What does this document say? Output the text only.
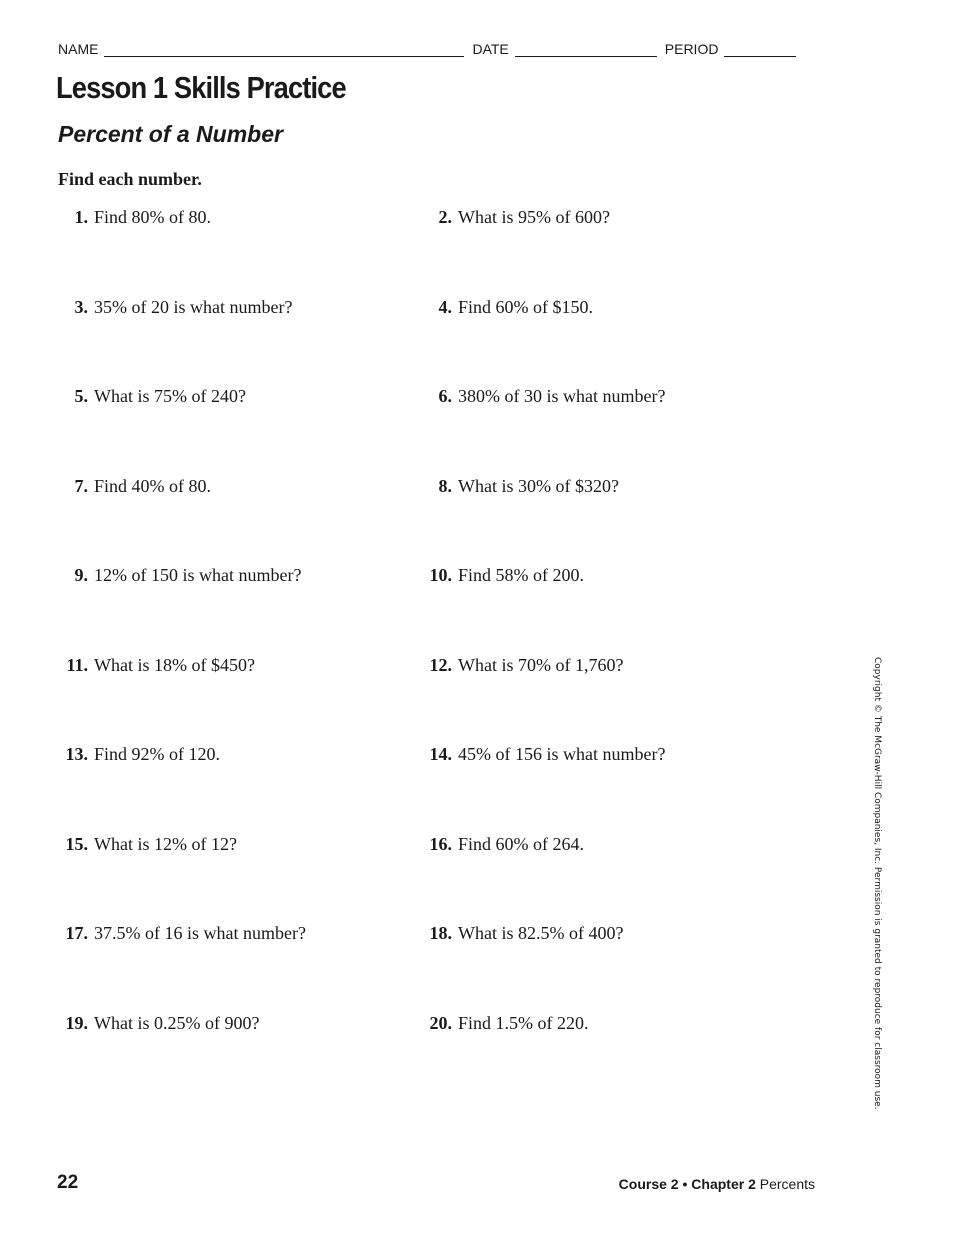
NAME	DATE	PERIOD
Lesson 1 Skills Practice
Percent of a Number
Find each number.
1. Find 80% of 80.	2. What is 95% of 600?
3. 35% of 20 is what number?	4. Find 60% of $150.
5. What is 75% of 240?	6. 380% of 30 is what number?
7. Find 40% of 80.	8. What is 30% of $320?
9. 12% of 150 is what number?	10. Find 58% of 200.
11. What is 18% of $450?	12. What is 70% of 1,760?
13. Find 92% of 120.	14. 45% of 156 is what number?
15. What is 12% of 12?	16. Find 60% of 264.
17. 37.5% of 16 is what number?	18. What is 82.5% of 400?
19. What is 0.25% of 900?	20. Find 1.5% of 220.	Copyright © The McGraw-Hill Companies, Inc. Permission is granted to reproduce for classroom use.
22	Course 2 • Chapter 2 Percents
